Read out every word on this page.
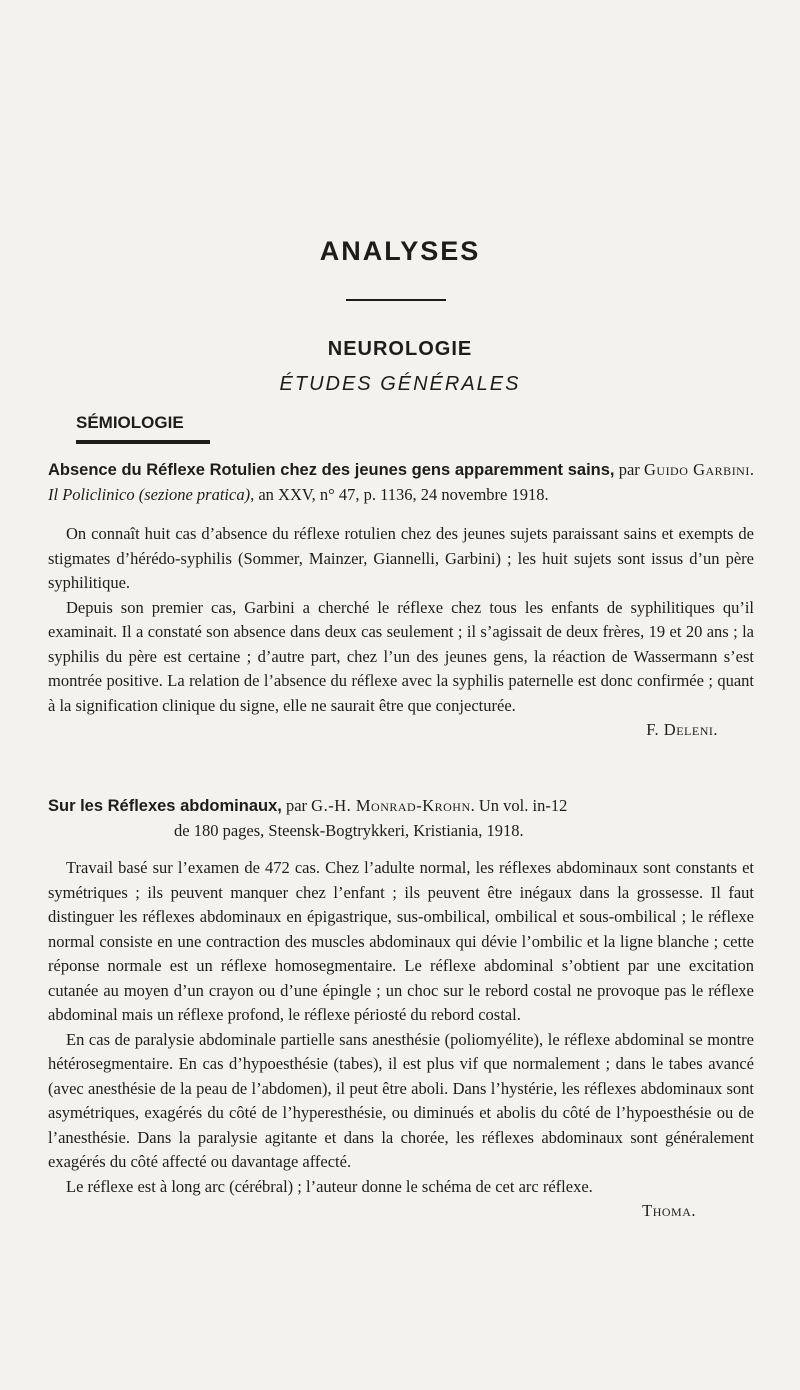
ANALYSES
NEUROLOGIE
ÉTUDES GÉNÉRALES
SÉMIOLOGIE

Absence du Réflexe Rotulien chez des jeunes gens apparemment sains, par Guido Garbini. Il Policlinico (sezione pratica), an XXV, n° 47, p. 1136, 24 novembre 1918.

On connaît huit cas d’absence du réflexe rotulien chez des jeunes sujets paraissant sains et exempts de stigmates d’hérédo-syphilis (Sommer, Mainzer, Giannelli, Garbini) ; les huit sujets sont issus d’un père syphilitique.

Depuis son premier cas, Garbini a cherché le réflexe chez tous les enfants de syphilitiques qu’il examinait. Il a constaté son absence dans deux cas seulement ; il s’agissait de deux frères, 19 et 20 ans ; la syphilis du père est certaine ; d’autre part, chez l’un des jeunes gens, la réaction de Wassermann s’est montrée positive. La relation de l’absence du réflexe avec la syphilis paternelle est donc confirmée ; quant à la signification clinique du signe, elle ne saurait être que conjecturée.

F. Deleni.

Sur les Réflexes abdominaux, par G.-H. Monrad-Krohn. Un vol. in-12

de 180 pages, Steensk-Bogtrykkeri, Kristiania, 1918.

Travail basé sur l’examen de 472 cas. Chez l’adulte normal, les réflexes abdominaux sont constants et symétriques ; ils peuvent manquer chez l’enfant ; ils peuvent être inégaux dans la grossesse. Il faut distinguer les réflexes abdominaux en épigastrique, sus-ombilical, ombilical et sous-ombilical ; le réflexe normal consiste en une contraction des muscles abdominaux qui dévie l’ombilic et la ligne blanche ; cette réponse normale est un réflexe homosegmentaire. Le réflexe abdominal s’obtient par une excitation cutanée au moyen d’un crayon ou d’une épingle ; un choc sur le rebord costal ne provoque pas le réflexe abdominal mais un réflexe profond, le réflexe périosté du rebord costal.

En cas de paralysie abdominale partielle sans anesthésie (poliomyélite), le réflexe abdominal se montre hétérosegmentaire. En cas d’hypoesthésie (tabes), il est plus vif que normalement ; dans le tabes avancé (avec anesthésie de la peau de l’abdomen), il peut être aboli. Dans l’hystérie, les réflexes abdominaux sont asymétriques, exagérés du côté de l’hyperesthésie, ou diminués et abolis du côté de l’hypoesthésie ou de l’anesthésie. Dans la paralysie agitante et dans la chorée, les réflexes abdominaux sont généralement exagérés du côté affecté ou davantage affecté.

Le réflexe est à long arc (cérébral) ; l’auteur donne le schéma de cet arc réflexe.

Thoma.
